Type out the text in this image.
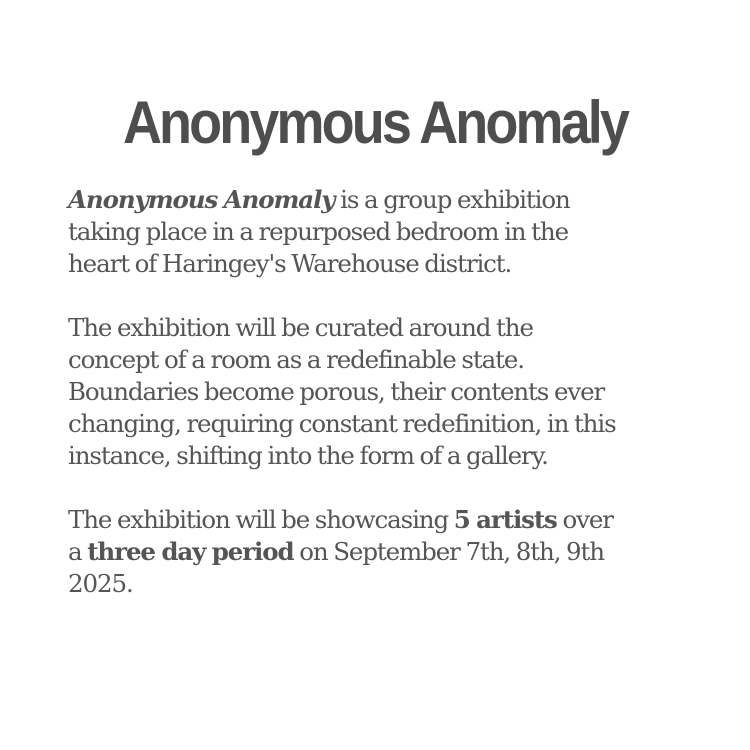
Anonymous Anomaly

Anonymous Anomaly is a group exhibition

taking place in a repurposed bedroom in the

heart of Haringey's Warehouse district.

The exhibition will be curated around the

concept of a room as a redefinable state.

Boundaries become porous, their contents ever

changing, requiring constant redefinition, in this

instance, shifting into the form of a gallery.

The exhibition will be showcasing 5 artists over

a three day period on September 7th, 8th, 9th

2025.
